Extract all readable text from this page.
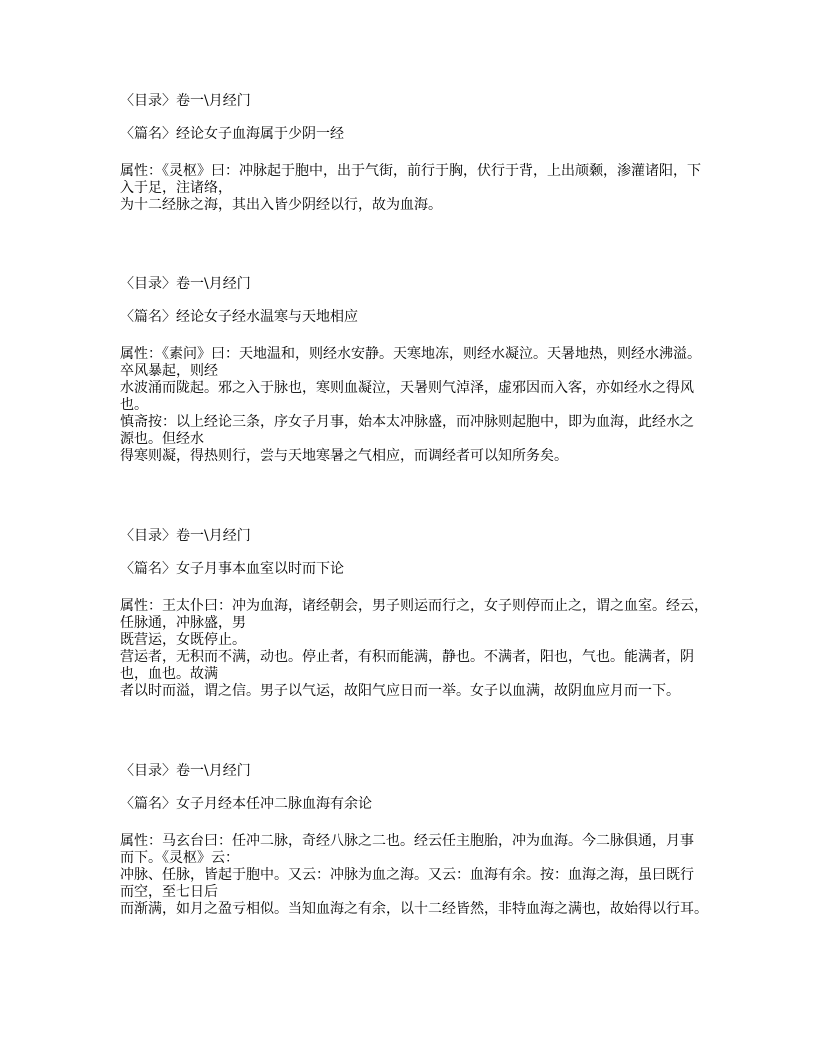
〈目录〉卷一\月经门
〈篇名〉经论女子血海属于少阴一经
属性：《灵枢》曰：冲脉起于胞中，出于气街，前行于胸，伏行于背，上出颃颡，渗灌诸阳，下
入于足，注诸络，
为十二经脉之海，其出入皆少阴经以行，故为血海。
〈目录〉卷一\月经门
〈篇名〉经论女子经水温寒与天地相应
属性：《素问》曰：天地温和，则经水安静。天寒地冻，则经水凝泣。天暑地热，则经水沸溢。
卒风暴起，则经
水波涌而陇起。邪之入于脉也，寒则血凝泣，天暑则气淖泽，虚邪因而入客，亦如经水之得风
也。
慎斋按：以上经论三条，序女子月事，始本太冲脉盛，而冲脉则起胞中，即为血海，此经水之
源也。但经水
得寒则凝，得热则行，尝与天地寒暑之气相应，而调经者可以知所务矣。
〈目录〉卷一\月经门
〈篇名〉女子月事本血室以时而下论
属性：王太仆曰：冲为血海，诸经朝会，男子则运而行之，女子则停而止之，谓之血室。经云，
任脉通，冲脉盛，男
既营运，女既停止。
营运者，无积而不满，动也。停止者，有积而能满，静也。不满者，阳也，气也。能满者，阴
也，血也。故满
者以时而溢，谓之信。男子以气运，故阳气应日而一举。女子以血满，故阴血应月而一下。
〈目录〉卷一\月经门
〈篇名〉女子月经本任冲二脉血海有余论
属性：马玄台曰：任冲二脉，奇经八脉之二也。经云任主胞胎，冲为血海。今二脉俱通，月事
而下。《灵枢》云：
冲脉、任脉，皆起于胞中。又云：冲脉为血之海。又云：血海有余。按：血海之海，虽曰既行
而空，至七日后
而渐满，如月之盈亏相似。当知血海之有余，以十二经皆然，非特血海之满也，故始得以行耳。
